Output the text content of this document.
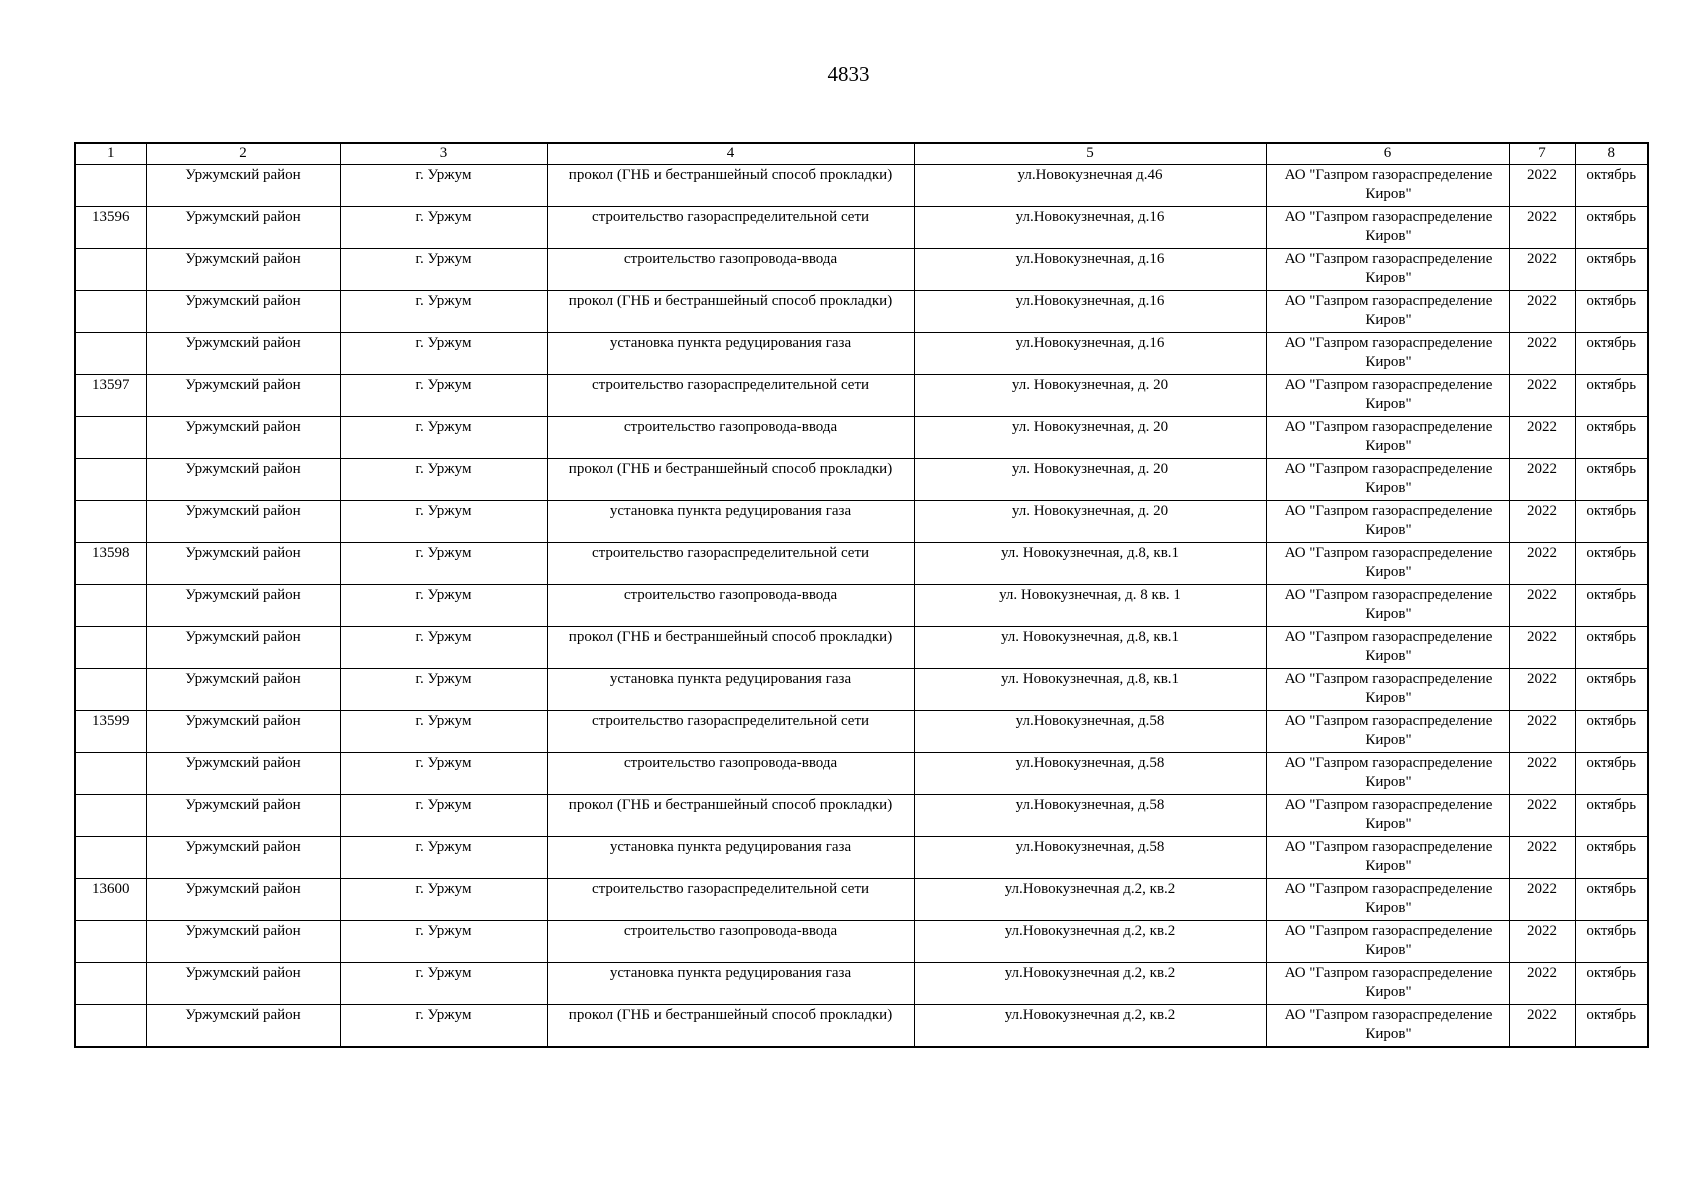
4833
1	2	3	4	5	6	7	8
	Уржумский район	г. Уржум	прокол (ГНБ и бестраншейный способ прокладки)	ул.Новокузнечная д.46	АО "Газпром газораспределение Киров"	2022	октябрь
13596	Уржумский район	г. Уржум	строительство газораспределительной сети	ул.Новокузнечная, д.16	АО "Газпром газораспределение Киров"	2022	октябрь
	Уржумский район	г. Уржум	строительство газопровода-ввода	ул.Новокузнечная, д.16	АО "Газпром газораспределение Киров"	2022	октябрь
	Уржумский район	г. Уржум	прокол (ГНБ и бестраншейный способ прокладки)	ул.Новокузнечная, д.16	АО "Газпром газораспределение Киров"	2022	октябрь
	Уржумский район	г. Уржум	установка пункта редуцирования газа	ул.Новокузнечная, д.16	АО "Газпром газораспределение Киров"	2022	октябрь
13597	Уржумский район	г. Уржум	строительство газораспределительной сети	ул. Новокузнечная, д. 20	АО "Газпром газораспределение Киров"	2022	октябрь
	Уржумский район	г. Уржум	строительство газопровода-ввода	ул. Новокузнечная, д. 20	АО "Газпром газораспределение Киров"	2022	октябрь
	Уржумский район	г. Уржум	прокол (ГНБ и бестраншейный способ прокладки)	ул. Новокузнечная, д. 20	АО "Газпром газораспределение Киров"	2022	октябрь
	Уржумский район	г. Уржум	установка пункта редуцирования газа	ул. Новокузнечная, д. 20	АО "Газпром газораспределение Киров"	2022	октябрь
13598	Уржумский район	г. Уржум	строительство газораспределительной сети	ул. Новокузнечная, д.8, кв.1	АО "Газпром газораспределение Киров"	2022	октябрь
	Уржумский район	г. Уржум	строительство газопровода-ввода	ул. Новокузнечная, д. 8 кв. 1	АО "Газпром газораспределение Киров"	2022	октябрь
	Уржумский район	г. Уржум	прокол (ГНБ и бестраншейный способ прокладки)	ул. Новокузнечная, д.8, кв.1	АО "Газпром газораспределение Киров"	2022	октябрь
	Уржумский район	г. Уржум	установка пункта редуцирования газа	ул. Новокузнечная, д.8, кв.1	АО "Газпром газораспределение Киров"	2022	октябрь
13599	Уржумский район	г. Уржум	строительство газораспределительной сети	ул.Новокузнечная, д.58	АО "Газпром газораспределение Киров"	2022	октябрь
	Уржумский район	г. Уржум	строительство газопровода-ввода	ул.Новокузнечная, д.58	АО "Газпром газораспределение Киров"	2022	октябрь
	Уржумский район	г. Уржум	прокол (ГНБ и бестраншейный способ прокладки)	ул.Новокузнечная, д.58	АО "Газпром газораспределение Киров"	2022	октябрь
	Уржумский район	г. Уржум	установка пункта редуцирования газа	ул.Новокузнечная, д.58	АО "Газпром газораспределение Киров"	2022	октябрь
13600	Уржумский район	г. Уржум	строительство газораспределительной сети	ул.Новокузнечная д.2, кв.2	АО "Газпром газораспределение Киров"	2022	октябрь
	Уржумский район	г. Уржум	строительство газопровода-ввода	ул.Новокузнечная д.2, кв.2	АО "Газпром газораспределение Киров"	2022	октябрь
	Уржумский район	г. Уржум	установка пункта редуцирования газа	ул.Новокузнечная д.2, кв.2	АО "Газпром газораспределение Киров"	2022	октябрь
	Уржумский район	г. Уржум	прокол (ГНБ и бестраншейный способ прокладки)	ул.Новокузнечная д.2, кв.2	АО "Газпром газораспределение Киров"	2022	октябрь
